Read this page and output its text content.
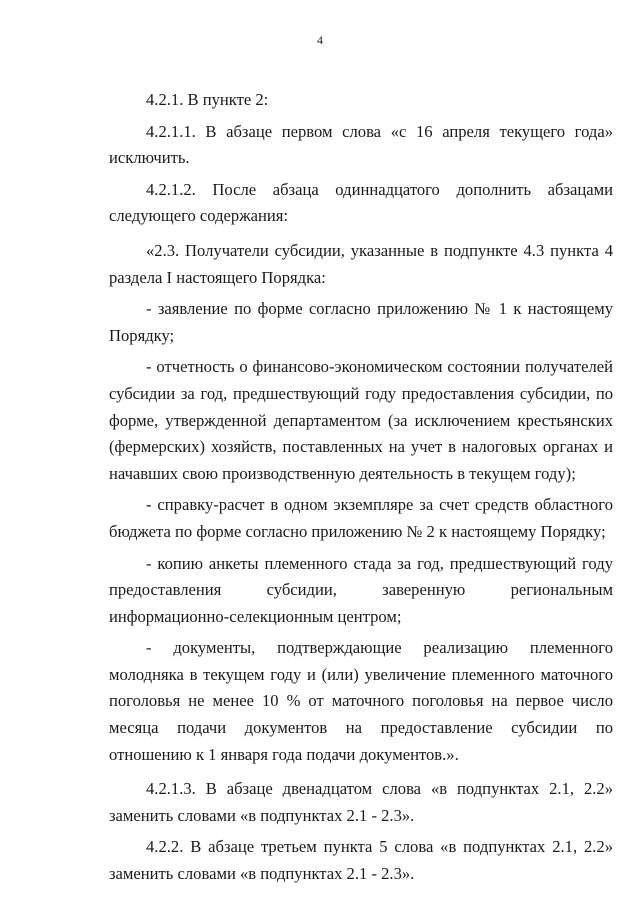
4

4.2.1. В пункте 2:

4.2.1.1. В абзаце первом слова «с 16 апреля текущего года» исключить.

4.2.1.2. После абзаца одиннадцатого дополнить абзацами следующего содержания:

«2.3. Получатели субсидии, указанные в подпункте 4.3 пункта 4 раздела I настоящего Порядка:

- заявление по форме согласно приложению № 1 к настоящему Порядку;

- отчетность о финансово-экономическом состоянии получателей субсидии за год, предшествующий году предоставления субсидии, по форме, утвержденной департаментом (за исключением крестьянских (фермерских) хозяйств, поставленных на учет в налоговых органах и начавших свою производственную деятельность в текущем году);

- справку-расчет в одном экземпляре за счет средств областного бюджета по форме согласно приложению № 2 к настоящему Порядку;

- копию анкеты племенного стада за год, предшествующий году предоставления субсидии, заверенную региональным информационно-селекционным центром;

- документы, подтверждающие реализацию племенного молодняка в текущем году и (или) увеличение племенного маточного поголовья не менее 10 % от маточного поголовья на первое число месяца подачи документов на предоставление субсидии по отношению к 1 января года подачи документов.».

4.2.1.3. В абзаце двенадцатом слова «в подпунктах 2.1, 2.2» заменить словами «в подпунктах 2.1 - 2.3».

4.2.2. В абзаце третьем пункта 5 слова «в подпунктах 2.1, 2.2» заменить словами «в подпунктах 2.1 - 2.3».
